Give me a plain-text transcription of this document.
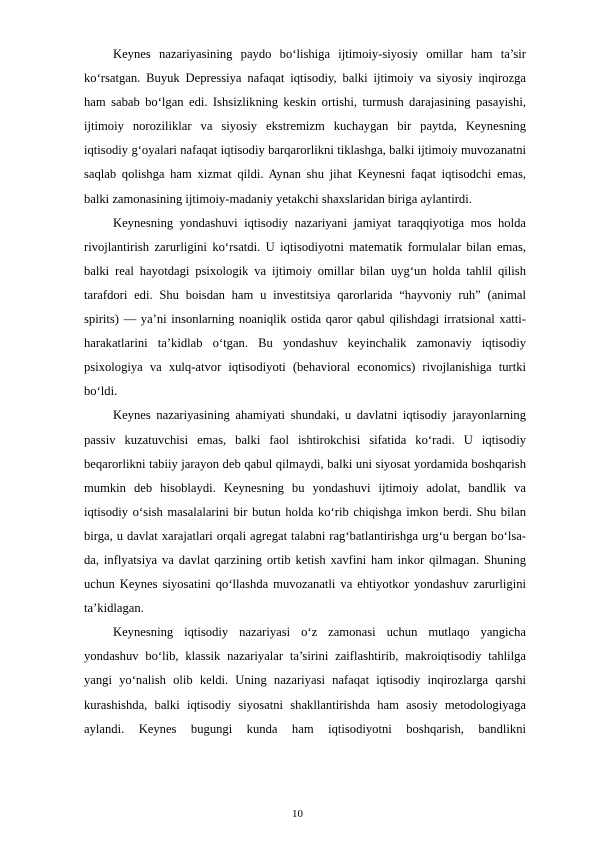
Keynes nazariyasining paydo bo‘lishiga ijtimoiy-siyosiy omillar ham ta’sir ko‘rsatgan. Buyuk Depressiya nafaqat iqtisodiy, balki ijtimoiy va siyosiy inqirozga ham sabab bo‘lgan edi. Ishsizlikning keskin ortishi, turmush darajasining pasayishi, ijtimoiy noroziliklar va siyosiy ekstremizm kuchaygan bir paytda, Keynesning iqtisodiy g‘oyalari nafaqat iqtisodiy barqarorlikni tiklashga, balki ijtimoiy muvozanatni saqlab qolishga ham xizmat qildi. Aynan shu jihat Keynesni faqat iqtisodchi emas, balki zamonasining ijtimoiy-madaniy yetakchi shaxslaridan biriga aylantirdi.

Keynesning yondashuvi iqtisodiy nazariyani jamiyat taraqqiyotiga mos holda rivojlantirish zarurligini ko‘rsatdi. U iqtisodiyotni matematik formulalar bilan emas, balki real hayotdagi psixologik va ijtimoiy omillar bilan uyg‘un holda tahlil qilish tarafdori edi. Shu boisdan ham u investitsiya qarorlarida “hayvoniy ruh” (animal spirits) — ya’ni insonlarning noaniqlik ostida qaror qabul qilishdagi irratsional xatti-harakatlarini ta’kidlab o‘tgan. Bu yondashuv keyinchalik zamonaviy iqtisodiy psixologiya va xulq-atvor iqtisodiyoti (behavioral economics) rivojlanishiga turtki bo‘ldi.

Keynes nazariyasining ahamiyati shundaki, u davlatni iqtisodiy jarayonlarning passiv kuzatuvchisi emas, balki faol ishtirokchisi sifatida ko‘radi. U iqtisodiy beqarorlikni tabiiy jarayon deb qabul qilmaydi, balki uni siyosat yordamida boshqarish mumkin deb hisoblaydi. Keynesning bu yondashuvi ijtimoiy adolat, bandlik va iqtisodiy o‘sish masalalarini bir butun holda ko‘rib chiqishga imkon berdi. Shu bilan birga, u davlat xarajatlari orqali agregat talabni rag‘batlantirishga urg‘u bergan bo‘lsa-da, inflyatsiya va davlat qarzining ortib ketish xavfini ham inkor qilmagan. Shuning uchun Keynes siyosatini qo‘llashda muvozanatli va ehtiyotkor yondashuv zarurligini ta’kidlagan.

Keynesning iqtisodiy nazariyasi o‘z zamonasi uchun mutlaqo yangicha yondashuv bo‘lib, klassik nazariyalar ta’sirini zaiflashtirib, makroiqtisodiy tahlilga yangi yo‘nalish olib keldi. Uning nazariyasi nafaqat iqtisodiy inqirozlarga qarshi kurashishda, balki iqtisodiy siyosatni shakllantirishda ham asosiy metodologiyaga aylandi. Keynes bugungi kunda ham iqtisodiyotni boshqarish, bandlikni

10
